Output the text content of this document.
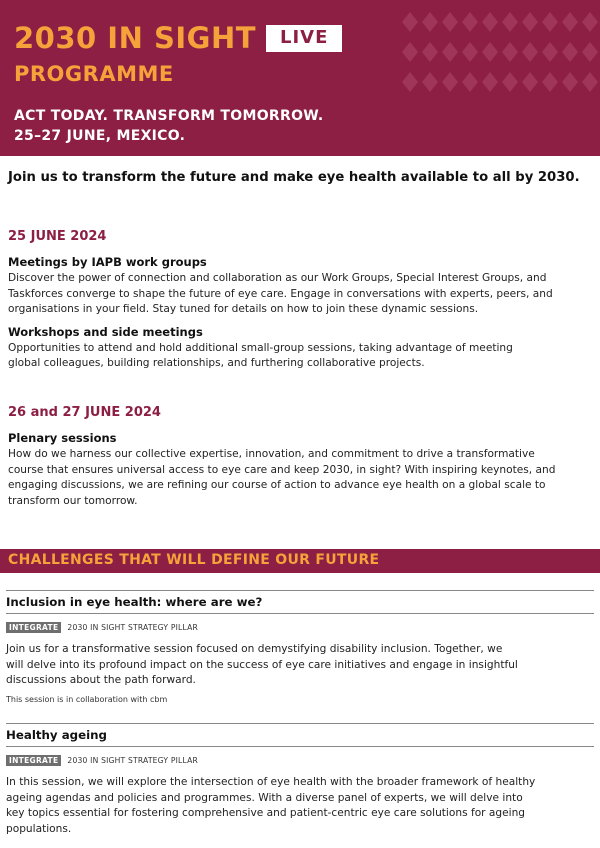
2030 IN SIGHT	LIVE
PROGRAMME
ACT TODAY. TRANSFORM TOMORROW.
25–27 JUNE, MEXICO.
Join us to transform the future and make eye health available to all by 2030.
25 JUNE 2024
Meetings by IAPB work groups
Discover the power of connection and collaboration as our Work Groups, Special Interest Groups, and
Taskforces converge to shape the future of eye care. Engage in conversations with experts, peers, and
organisations in your field. Stay tuned for details on how to join these dynamic sessions.
Workshops and side meetings
Opportunities to attend and hold additional small-group sessions, taking advantage of meeting
global colleagues, building relationships, and furthering collaborative projects.
26 and 27 JUNE 2024
Plenary sessions
How do we harness our collective expertise, innovation, and commitment to drive a transformative
course that ensures universal access to eye care and keep 2030, in sight? With inspiring keynotes, and
engaging discussions, we are refining our course of action to advance eye health on a global scale to
transform our tomorrow.
CHALLENGES THAT WILL DEFINE OUR FUTURE
Inclusion in eye health: where are we?
INTEGRATE	2030 IN SIGHT STRATEGY PILLAR
Join us for a transformative session focused on demystifying disability inclusion. Together, we
will delve into its profound impact on the success of eye care initiatives and engage in insightful
discussions about the path forward.
This session is in collaboration with cbm
Healthy ageing
INTEGRATE	2030 IN SIGHT STRATEGY PILLAR
In this session, we will explore the intersection of eye health with the broader framework of healthy
ageing agendas and policies and programmes. With a diverse panel of experts, we will delve into
key topics essential for fostering comprehensive and patient-centric eye care solutions for ageing
populations.
